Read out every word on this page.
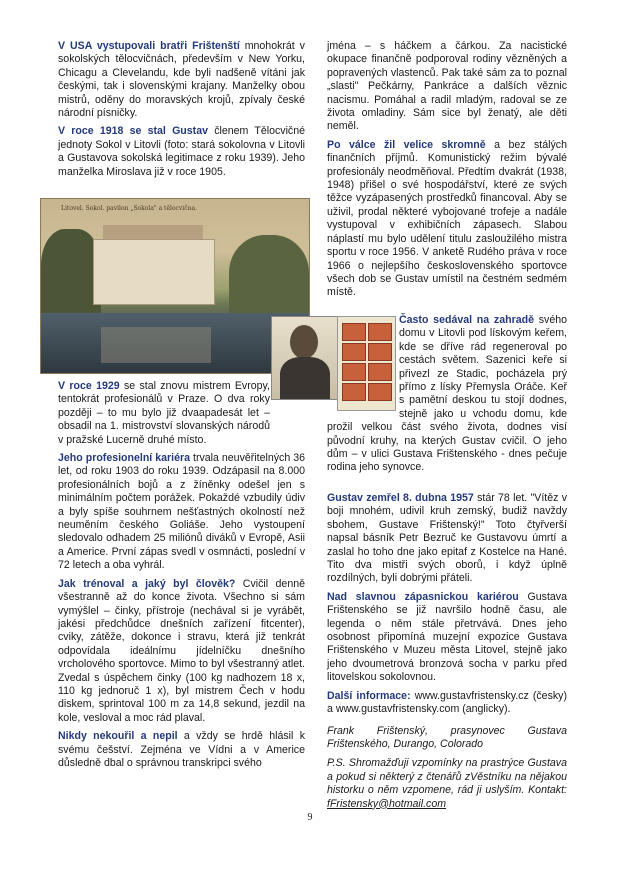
V USA vystupovali bratři Frištenští mnohokrát v sokolských tělocvičnách, především v New Yorku, Chicagu a Clevelandu, kde byli nadšeně vítáni jak českými, tak i slovenskými krajany. Manželky obou mistrů, oděny do moravských krojů, zpívaly české národní písničky.

V roce 1918 se stal Gustav členem Tělocvičné jednoty Sokol v Litovli (foto: stará sokolovna v Litovli a Gustavova sokolská legitimace z roku 1939). Jeho manželka Miroslava již v roce 1905.

Litovel. Sokol. pavilon „Sokola" a tělocvična.

V roce 1929 se stal znovu mistrem Evropy, tentokrát profesionálů v Praze. O dva roky později – to mu bylo již dvaapadesát let – obsadil na 1. mistrovství slovanských národů v pražské Lucerně druhé místo.

Jeho profesionelní kariéra trvala neuvěřitelných 36 let, od roku 1903 do roku 1939. Odzápasil na 8.000 profesionálních bojů a z žíněnky odešel jen s minimálním počtem porážek. Pokaždé vzbudily údiv a byly spíše souhrnem nešťastných okolností než neuměním českého Goliáše. Jeho vystoupení sledovalo odhadem 25 miliónů diváků v Evropě, Asii a Americe. První zápas svedl v osmnácti, poslední v 72 letech a oba vyhrál.

Jak trénoval a jaký byl člověk? Cvičil denně všestranně až do konce života. Všechno si sám vymýšlel – činky, přístroje (nechával si je vyrábět, jakési předchůdce dnešních zařízení fitcenter), cviky, zátěže, dokonce i stravu, která již tenkrát odpovídala ideálnímu jídelníčku dnešního vrcholového sportovce. Mimo to byl všestranný atlet. Zvedal s úspěchem činky (100 kg nadhozem 18 x, 110 kg jednoruč 1 x), byl mistrem Čech v hodu diskem, sprintoval 100 m za 14,8 sekund, jezdil na kole, vesloval a moc rád plaval.

Nikdy nekouřil a nepil a vždy se hrdě hlásil k svému češství. Zejména ve Vídni a v Americe důsledně dbal o správnou transkripci svého

jména – s háčkem a čárkou. Za nacistické okupace finančně podporoval rodiny vězněných a popravených vlastenců. Pak také sám za to poznal „slasti" Pečkárny, Pankráce a dalších věznic nacismu. Pomáhal a radil mladým, radoval se ze života omladiny. Sám sice byl ženatý, ale děti neměl.

Po válce žil velice skromně a bez stálých finančních příjmů. Komunistický režim bývalé profesionály neodměňoval. Předtím dvakrát (1938, 1948) přišel o své hospodářství, které ze svých těžce vyzápasených prostředků financoval. Aby se uživil, prodal některé vybojované trofeje a nadále vystupoval v exhibičních zápasech. Slabou náplastí mu bylo udělení titulu zasloužilého mistra sportu v roce 1956. V anketě Rudého práva v roce 1966 o nejlepšího československého sportovce všech dob se Gustav umístil na čestném sedmém místě.

Často sedával na zahradě svého domu v Litovli pod lískovým keřem, kde se dříve rád regeneroval po cestách světem. Sazenici keře si přivezl ze Stadic, pocházela prý přímo z lísky Přemysla Oráče. Keř s pamětní deskou tu stojí dodnes, stejně jako u vchodu domu, kde prožil velkou část svého života, dodnes visí původní kruhy, na kterých Gustav cvičil. O jeho dům – v ulici Gustava Frištenského - dnes pečuje rodina jeho synovce.

Gustav zemřel 8. dubna 1957 stár 78 let. "Vítěz v boji mnohém, udivil kruh zemský, budiž navždy sbohem, Gustave Frištenský!" Toto čtyřverší napsal básník Petr Bezruč ke Gustavovu úmrtí a zaslal ho toho dne jako epitaf z Kostelce na Hané. Tito dva mistři svých oborů, i když úplně rozdílných, byli dobrými přáteli.

Nad slavnou zápasnickou kariérou Gustava Frištenského se již navršilo hodně času, ale legenda o něm stále přetrvává. Dnes jeho osobnost připomíná muzejní expozice Gustava Frištenského v Muzeu města Litovel, stejně jako jeho dvoumetrová bronzová socha v parku před litovelskou sokolovnou.

Další informace: www.gustavfristensky.cz (česky) a www.gustavfristensky.com (anglicky).

Frank Frištenský, prasynovec Gustava Frištenského, Durango, Colorado

P.S. Shromažďuji vzpomínky na prastrýce Gustava a pokud si některý z čtenářů zVěstníku na nějakou historku o něm vzpomene, rád ji uslyším. Kontakt: fFristensky@hotmail.com

9
